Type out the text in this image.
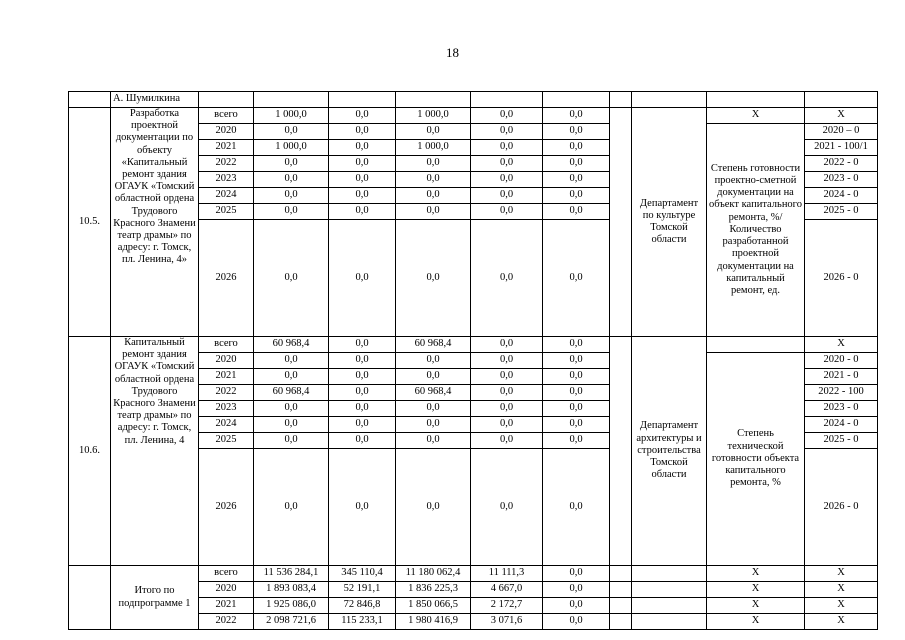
18
	А. Шумилкина										
10.5.	Разработка проектной документации по объекту «Капитальный ремонт здания ОГАУК «Томский областной ордена Трудового Красного Знамени театр драмы» по адресу: г. Томск, пл. Ленина, 4»	всего	1 000,0	0,0	1 000,0	0,0	0,0		Департамент по культуре Томской области	Х	Х
		2020	0,0	0,0	0,0	0,0	0,0			Степень готовности проектно-сметной документации на объект капитального ремонта, %/ Количество разработанной проектной документации на капитальный ремонт, ед.	2020 – 0
		2021	1 000,0	0,0	1 000,0	0,0	0,0				2021 - 100/1
		2022	0,0	0,0	0,0	0,0	0,0				2022 - 0
		2023	0,0	0,0	0,0	0,0	0,0				2023 - 0
		2024	0,0	0,0	0,0	0,0	0,0				2024 - 0
		2025	0,0	0,0	0,0	0,0	0,0				2025 - 0
		2026	0,0	0,0	0,0	0,0	0,0				2026 - 0
10.6.	Капитальный ремонт здания ОГАУК «Томский областной ордена Трудового Красного Знамени театр драмы» по адресу: г. Томск, пл. Ленина, 4	всего	60 968,4	0,0	60 968,4	0,0	0,0		Департамент архитектуры и строительства Томской области		Х
		2020	0,0	0,0	0,0	0,0	0,0			Степень технической готовности объекта капитального ремонта, %	2020 - 0
		2021	0,0	0,0	0,0	0,0	0,0				2021 - 0
		2022	60 968,4	0,0	60 968,4	0,0	0,0				2022 - 100
		2023	0,0	0,0	0,0	0,0	0,0				2023 - 0
		2024	0,0	0,0	0,0	0,0	0,0				2024 - 0
		2025	0,0	0,0	0,0	0,0	0,0				2025 - 0
		2026	0,0	0,0	0,0	0,0	0,0				2026 - 0
	Итого по подпрограмме 1	всего	11 536 284,1	345 110,4	11 180 062,4	11 111,3	0,0			Х	Х
		2020	1 893 083,4	52 191,1	1 836 225,3	4 667,0	0,0			Х	Х
		2021	1 925 086,0	72 846,8	1 850 066,5	2 172,7	0,0			Х	Х
		2022	2 098 721,6	115 233,1	1 980 416,9	3 071,6	0,0			Х	Х
